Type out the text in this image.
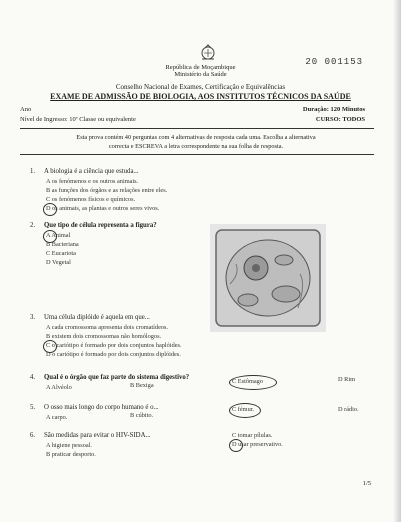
20 001153
República de Moçambique
Ministério da Saúde
Conselho Nacional de Exames, Certificação e Equivalências
EXAME DE ADMISSÃO DE BIOLOGIA, AOS INSTITUTOS TÉCNICOS DA SAÚDE
Ano
Nível de Ingresso: 10ª Classe ou equivalente
Duração: 120 Minutos
CURSO: TODOS
Esta prova contém 40 perguntas com 4 alternativas de resposta cada uma. Escolha a alternativa
correcta e ESCREVA a letra correspondente na sua folha de resposta.
1. A biologia é a ciência que estuda...
A os fenómenos e os outros animais.
B as funções dos órgãos e as relações entre eles.
C os fenómenos físicos e químicos.
D os animais, as plantas e outros seres vivos.
2. Que tipo de célula representa a figura?
A Animal
B Bacteriana
C Eucariota
D Vegetal
3. Uma célula diplóide é aquela em que...
A cada cromossoma apresenta dois cromatídeos.
B existem dois cromossomas não homólogos.
C o cariótipo é formado por dois conjuntos haplóides.
D o cariótipo é formado por dois conjuntos diplóides.
4. Qual é o órgão que faz parte do sistema digestivo?
A Alvéolo	B Bexiga
C Estômago	D Rim
5. O osso mais longo do corpo humano é o...
A carpo.	B cúbito.
C fémur.	D rádio.
6. São medidas para evitar o HIV-SIDA...
A higiene pessoal.
B praticar desporto.
C tomar pílulas.
D usar preservativo.
1/5
